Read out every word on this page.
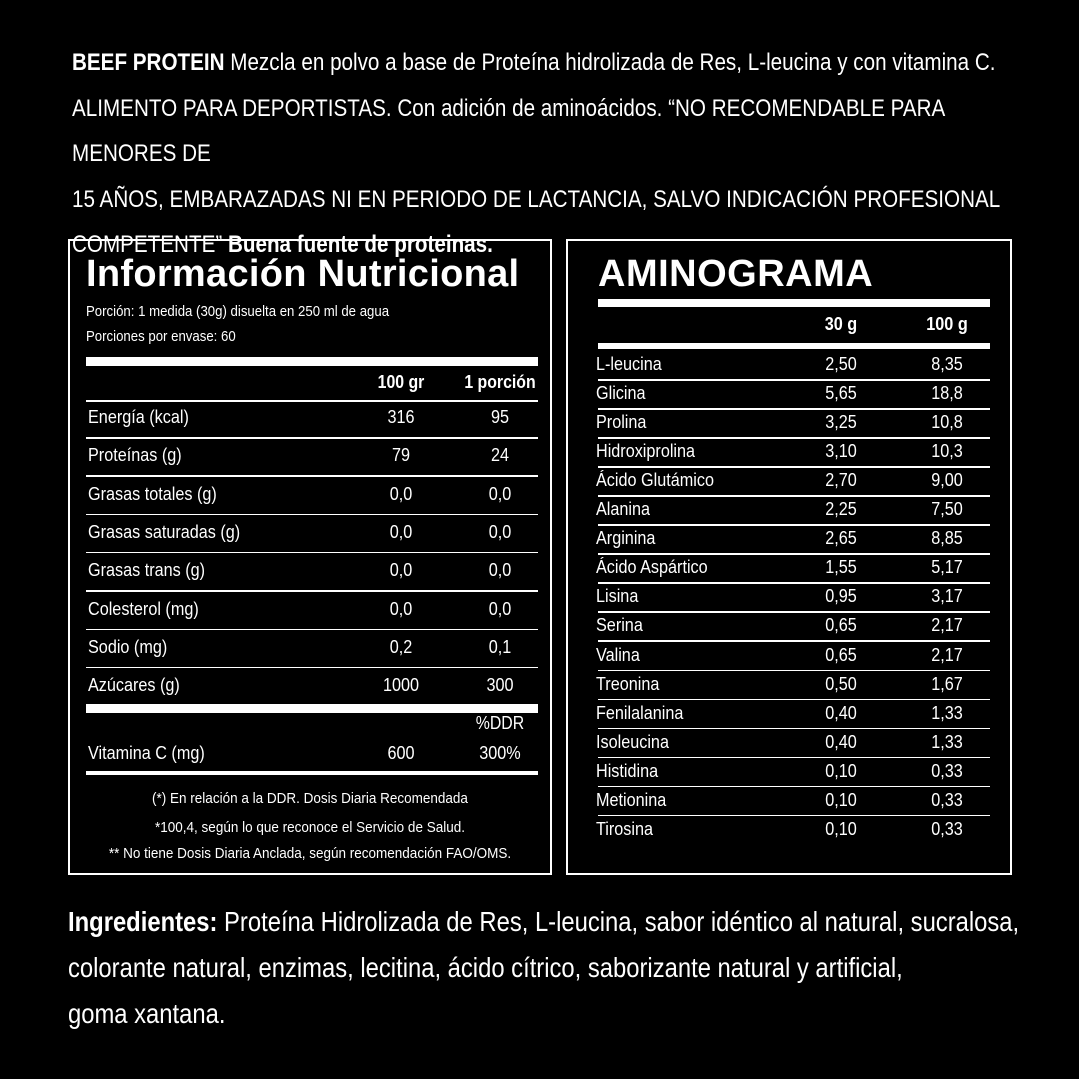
BEEF PROTEIN Mezcla en polvo a base de Proteína hidrolizada de Res, L-leucina y con vitamina C.
ALIMENTO PARA DEPORTISTAS. Con adición de aminoácidos. “NO RECOMENDABLE PARA MENORES DE
15 AÑOS, EMBARAZADAS NI EN PERIODO DE LACTANCIA, SALVO INDICACIÓN PROFESIONAL
COMPETENTE” Buena fuente de proteinas.
Información Nutricional
Porción: 1 medida (30g) disuelta en 250 ml de agua
Porciones por envase: 60
100 gr	1 porción
Energía (kcal)	316	95
Proteínas (g)	79	24
Grasas totales (g)	0,0	0,0
Grasas saturadas (g)	0,0	0,0
Grasas trans (g)	0,0	0,0
Colesterol (mg)	0,0	0,0
Sodio (mg)	0,2	0,1
Azúcares (g)	1000	300
%DDR
Vitamina C (mg)	600	300%
(*) En relación a la DDR. Dosis Diaria Recomendada
*100,4, según lo que reconoce el Servicio de Salud.
** No tiene Dosis Diaria Anclada, según recomendación FAO/OMS.
AMINOGRAMA
30 g	100 g
L-leucina	2,50	8,35
Glicina	5,65	18,8
Prolina	3,25	10,8
Hidroxiprolina	3,10	10,3
Ácido Glutámico	2,70	9,00
Alanina	2,25	7,50
Arginina	2,65	8,85
Ácido Aspártico	1,55	5,17
Lisina	0,95	3,17
Serina	0,65	2,17
Valina	0,65	2,17
Treonina	0,50	1,67
Fenilalanina	0,40	1,33
Isoleucina	0,40	1,33
Histidina	0,10	0,33
Metionina	0,10	0,33
Tirosina	0,10	0,33
Ingredientes: Proteína Hidrolizada de Res, L-leucina, sabor idéntico al natural, sucralosa,
colorante natural, enzimas, lecitina, ácido cítrico, saborizante natural y artificial,
goma xantana.
